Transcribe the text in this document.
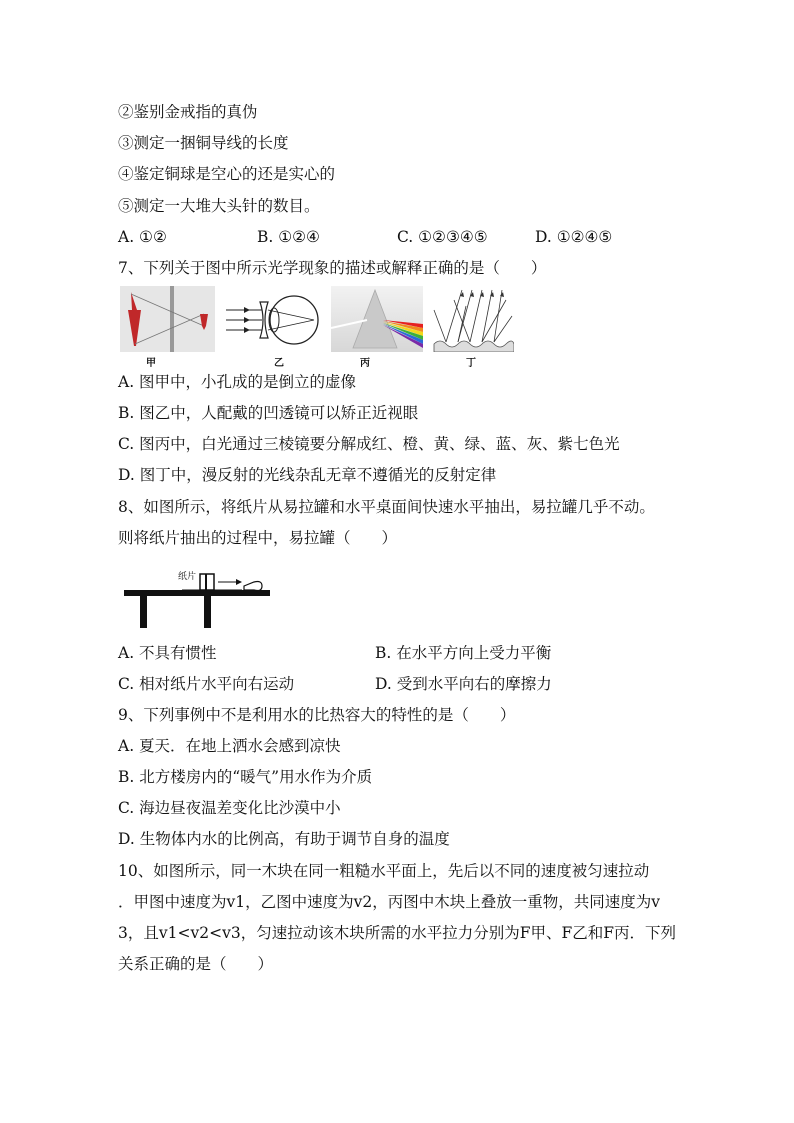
②鉴别金戒指的真伪
③测定一捆铜导线的长度
④鉴定铜球是空心的还是实心的
⑤测定一大堆大头针的数目。
A. ①②	B. ①②④	C. ①②③④⑤	D. ①②④⑤
7、下列关于图中所示光学现象的描述或解释正确的是（　　）
甲	乙	丙	丁
A. 图甲中，小孔成的是倒立的虚像
B. 图乙中，人配戴的凹透镜可以矫正近视眼
C. 图丙中，白光通过三棱镜要分解成红、橙、黄、绿、蓝、灰、紫七色光
D. 图丁中，漫反射的光线杂乱无章不遵循光的反射定律
8、如图所示，将纸片从易拉罐和水平桌面间快速水平抽出，易拉罐几乎不动。
则将纸片抽出的过程中，易拉罐（　　）
纸片
A. 不具有惯性	B. 在水平方向上受力平衡
C. 相对纸片水平向右运动	D. 受到水平向右的摩擦力
9、下列事例中不是利用水的比热容大的特性的是（　　）
A. 夏天．在地上洒水会感到凉快
B. 北方楼房内的“暖气”用水作为介质
C. 海边昼夜温差变化比沙漠中小
D. 生物体内水的比例高，有助于调节自身的温度
10、如图所示，同一木块在同一粗糙水平面上，先后以不同的速度被匀速拉动
．甲图中速度为v1，乙图中速度为v2，丙图中木块上叠放一重物，共同速度为v
3，且v1<v2<v3，匀速拉动该木块所需的水平拉力分别为F甲、F乙和F丙．下列
关系正确的是（　　）
